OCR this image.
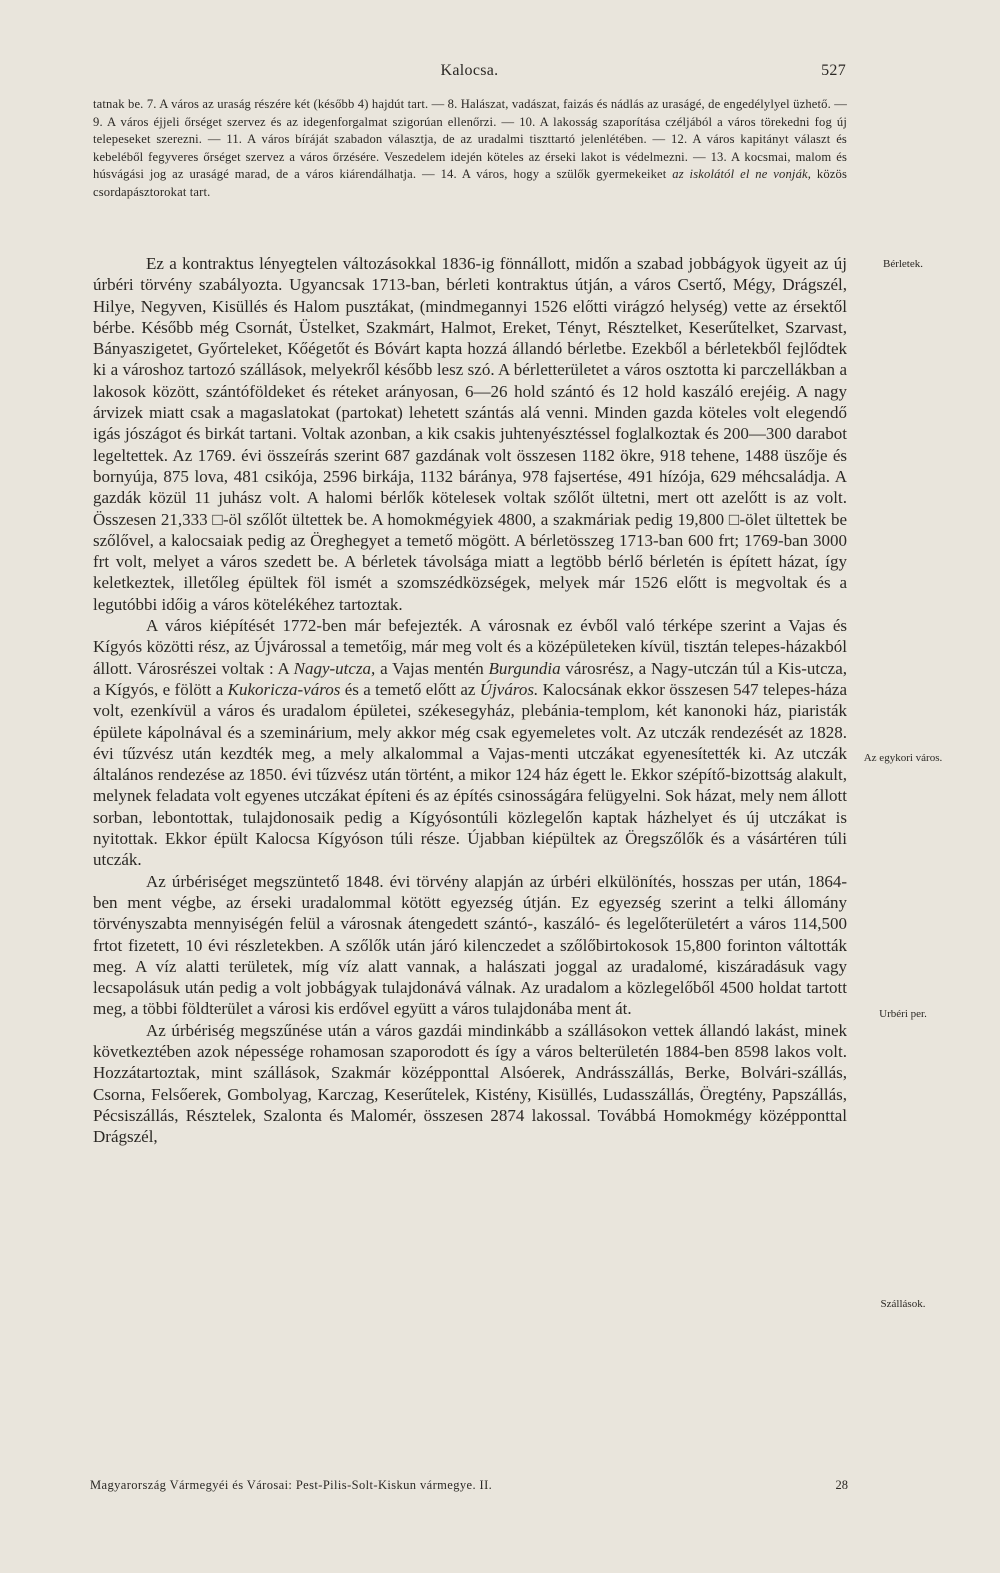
Kalocsa.	527
tatnak be. 7. A város az uraság részére két (később 4) hajdút tart. — 8. Halászat, vadászat, faizás és nádlás az uraságé, de engedélylyel üzhető. — 9. A város éjjeli őrséget szervez és az idegenforgalmat szigorúan ellenőrzi. — 10. A lakosság szaporítása czéljából a város törekedni fog új telepeseket szerezni. — 11. A város bíráját szabadon választja, de az uradalmi tiszttartó jelenlétében. — 12. A város kapitányt választ és kebeléből fegyveres őrséget szervez a város őrzésére. Veszedelem idején köteles az érseki lakot is védelmezni. — 13. A kocsmai, malom és húsvágási jog az uraságé marad, de a város kiárendálhatja. — 14. A város, hogy a szülők gyermekeiket az iskolától el ne vonják, közös csordapásztorokat tart.

Ez a kontraktus lényegtelen változásokkal 1836-ig fönnállott, midőn a szabad jobbágyok ügyeit az új úrbéri törvény szabályozta. Ugyancsak 1713-ban, bérleti kontraktus útján, a város Csertő, Mégy, Drágszél, Hilye, Negyven, Kisüllés és Halom pusztákat, (mindmegannyi 1526 előtti virágzó helység) vette az érsektől bérbe. Később még Csornát, Üstelket, Szakmárt, Halmot, Ereket, Tényt, Résztelket, Keserűtelket, Szarvast, Bányaszigetet, Győrteleket, Kőégetőt és Bóvárt kapta hozzá állandó bérletbe. Ezekből a bérletekből fejlődtek ki a városhoz tartozó szállások, melyekről később lesz szó. A bérletterületet a város osztotta ki parczellákban a lakosok között, szántóföldeket és réteket arányosan, 6—26 hold szántó és 12 hold kaszáló erejéig. A nagy árvizek miatt csak a magaslatokat (partokat) lehetett szántás alá venni. Minden gazda köteles volt elegendő igás jószágot és birkát tartani. Voltak azonban, a kik csakis juhtenyésztéssel foglalkoztak és 200—300 darabot legeltettek. Az 1769. évi összeírás szerint 687 gazdának volt összesen 1182 ökre, 918 tehene, 1488 üszője és bornyúja, 875 lova, 481 csikója, 2596 birkája, 1132 báránya, 978 fajsertése, 491 hízója, 629 méhcsaládja. A gazdák közül 11 juhász volt. A halomi bérlők kötelesek voltak szőlőt ültetni, mert ott azelőtt is az volt. Összesen 21,333 □-öl szőlőt ültettek be. A homokmégyiek 4800, a szakmáriak pedig 19,800 □-ölet ültettek be szőlővel, a kalocsaiak pedig az Öreghegyet a temető mögött. A bérletösszeg 1713-ban 600 frt; 1769-ban 3000 frt volt, melyet a város szedett be. A bérletek távolsága miatt a legtöbb bérlő bérletén is épített házat, így keletkeztek, illetőleg épültek föl ismét a szomszédközségek, melyek már 1526 előtt is megvoltak és a legutóbbi időig a város kötelékéhez tartoztak.

A város kiépítését 1772-ben már befejezték. A városnak ez évből való térképe szerint a Vajas és Kígyós közötti rész, az Újvárossal a temetőig, már meg volt és a középületeken kívül, tisztán telepes-házakból állott. Városrészei voltak : A Nagy-utcza, a Vajas mentén Burgundia városrész, a Nagy-utczán túl a Kis-utcza, a Kígyós, e fölött a Kukoricza-város és a temető előtt az Újváros. Kalocsának ekkor összesen 547 telepes-háza volt, ezenkívül a város és uradalom épületei, székesegyház, plebánia-templom, két kanonoki ház, piaristák épülete kápolnával és a szeminárium, mely akkor még csak egyemeletes volt. Az utczák rendezését az 1828. évi tűzvész után kezdték meg, a mely alkalommal a Vajas-menti utczákat egyenesítették ki. Az utczák általános rendezése az 1850. évi tűzvész után történt, a mikor 124 ház égett le. Ekkor szépítő-bizottság alakult, melynek feladata volt egyenes utczákat építeni és az építés csinosságára felügyelni. Sok házat, mely nem állott sorban, lebontottak, tulajdonosaik pedig a Kígyósontúli közlegelőn kaptak házhelyet és új utczákat is nyitottak. Ekkor épült Kalocsa Kígyóson túli része. Újabban kiépültek az Öregszőlők és a vásártéren túli utczák.

Az úrbériséget megszüntető 1848. évi törvény alapján az úrbéri elkülönítés, hosszas per után, 1864-ben ment végbe, az érseki uradalommal kötött egyezség útján. Ez egyezség szerint a telki állomány törvényszabta mennyiségén felül a városnak átengedett szántó-, kaszáló- és legelőterületért a város 114,500 frtot fizetett, 10 évi részletekben. A szőlők után járó kilenczedet a szőlőbirtokosok 15,800 forinton váltották meg. A víz alatti területek, míg víz alatt vannak, a halászati joggal az uradalomé, kiszáradásuk vagy lecsapolásuk után pedig a volt jobbágyak tulajdonává válnak. Az uradalom a közlegelőből 4500 holdat tartott meg, a többi földterület a városi kis erdővel együtt a város tulajdonába ment át.

Az úrbériség megszűnése után a város gazdái mindinkább a szállásokon vettek állandó lakást, minek következtében azok népessége rohamosan szaporodott és így a város belterületén 1884-ben 8598 lakos volt. Hozzátartoztak, mint szállások, Szakmár középponttal Alsóerek, Andrásszállás, Berke, Bolvári-szállás, Csorna, Felsőerek, Gombolyag, Karczag, Keserűtelek, Kistény, Kisüllés, Ludasszállás, Öregtény, Papszállás, Pécsiszállás, Résztelek, Szalonta és Malomér, összesen 2874 lakossal. Továbbá Homokmégy középponttal Drágszél,

Bérletek.
Az egykori város.
Urbéri per.
Szállások.
Magyarország Vármegyéi és Városai: Pest-Pilis-Solt-Kiskun vármegye. II.	28
